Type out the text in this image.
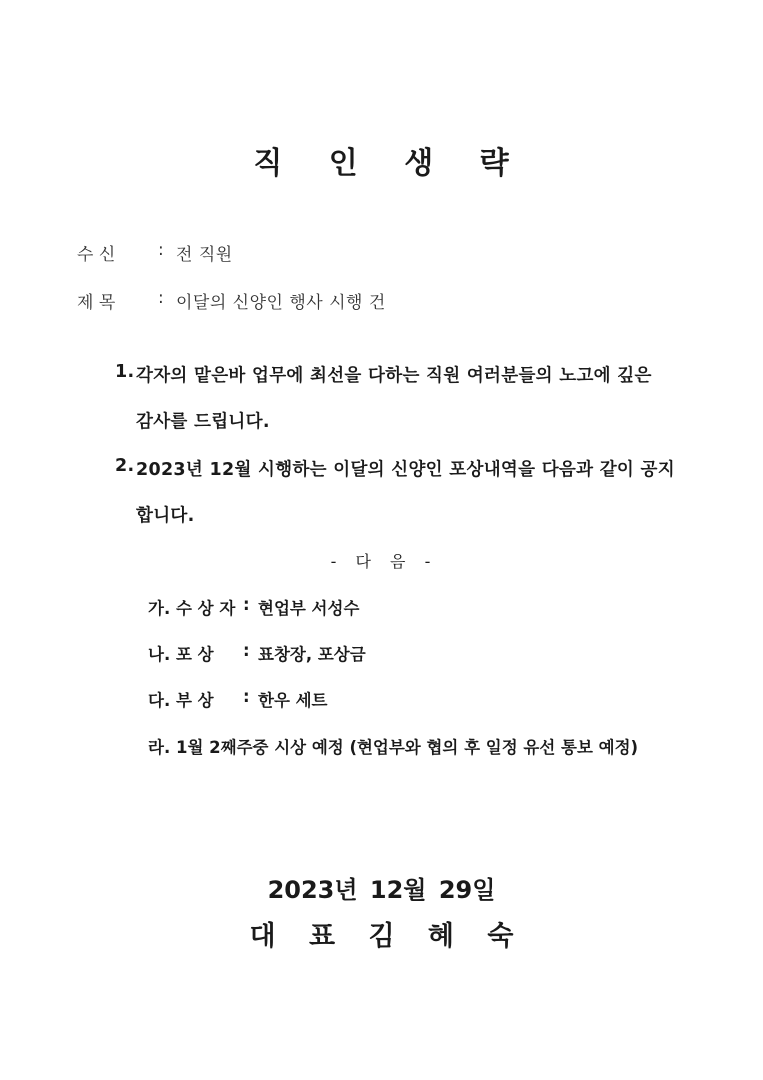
직 인 생 략
수 신	: 전 직원
제 목	: 이달의 신양인 행사 시행 건
1. 각자의 맡은바 업무에 최선을 다하는 직원 여러분들의 노고에 깊은
감사를 드립니다.
2. 2023년 12월 시행하는 이달의 신양인 포상내역을 다음과 같이 공지
합니다.
- 다 음 -
가. 수 상 자 : 현업부 서성수
나. 포 상 : 표창장, 포상금
다. 부 상 : 한우 세트
라. 1월 2째주중 시상 예정 (현업부와 협의 후 일정 유선 통보 예정)
2023년 12월 29일
대 표 김 혜 숙
